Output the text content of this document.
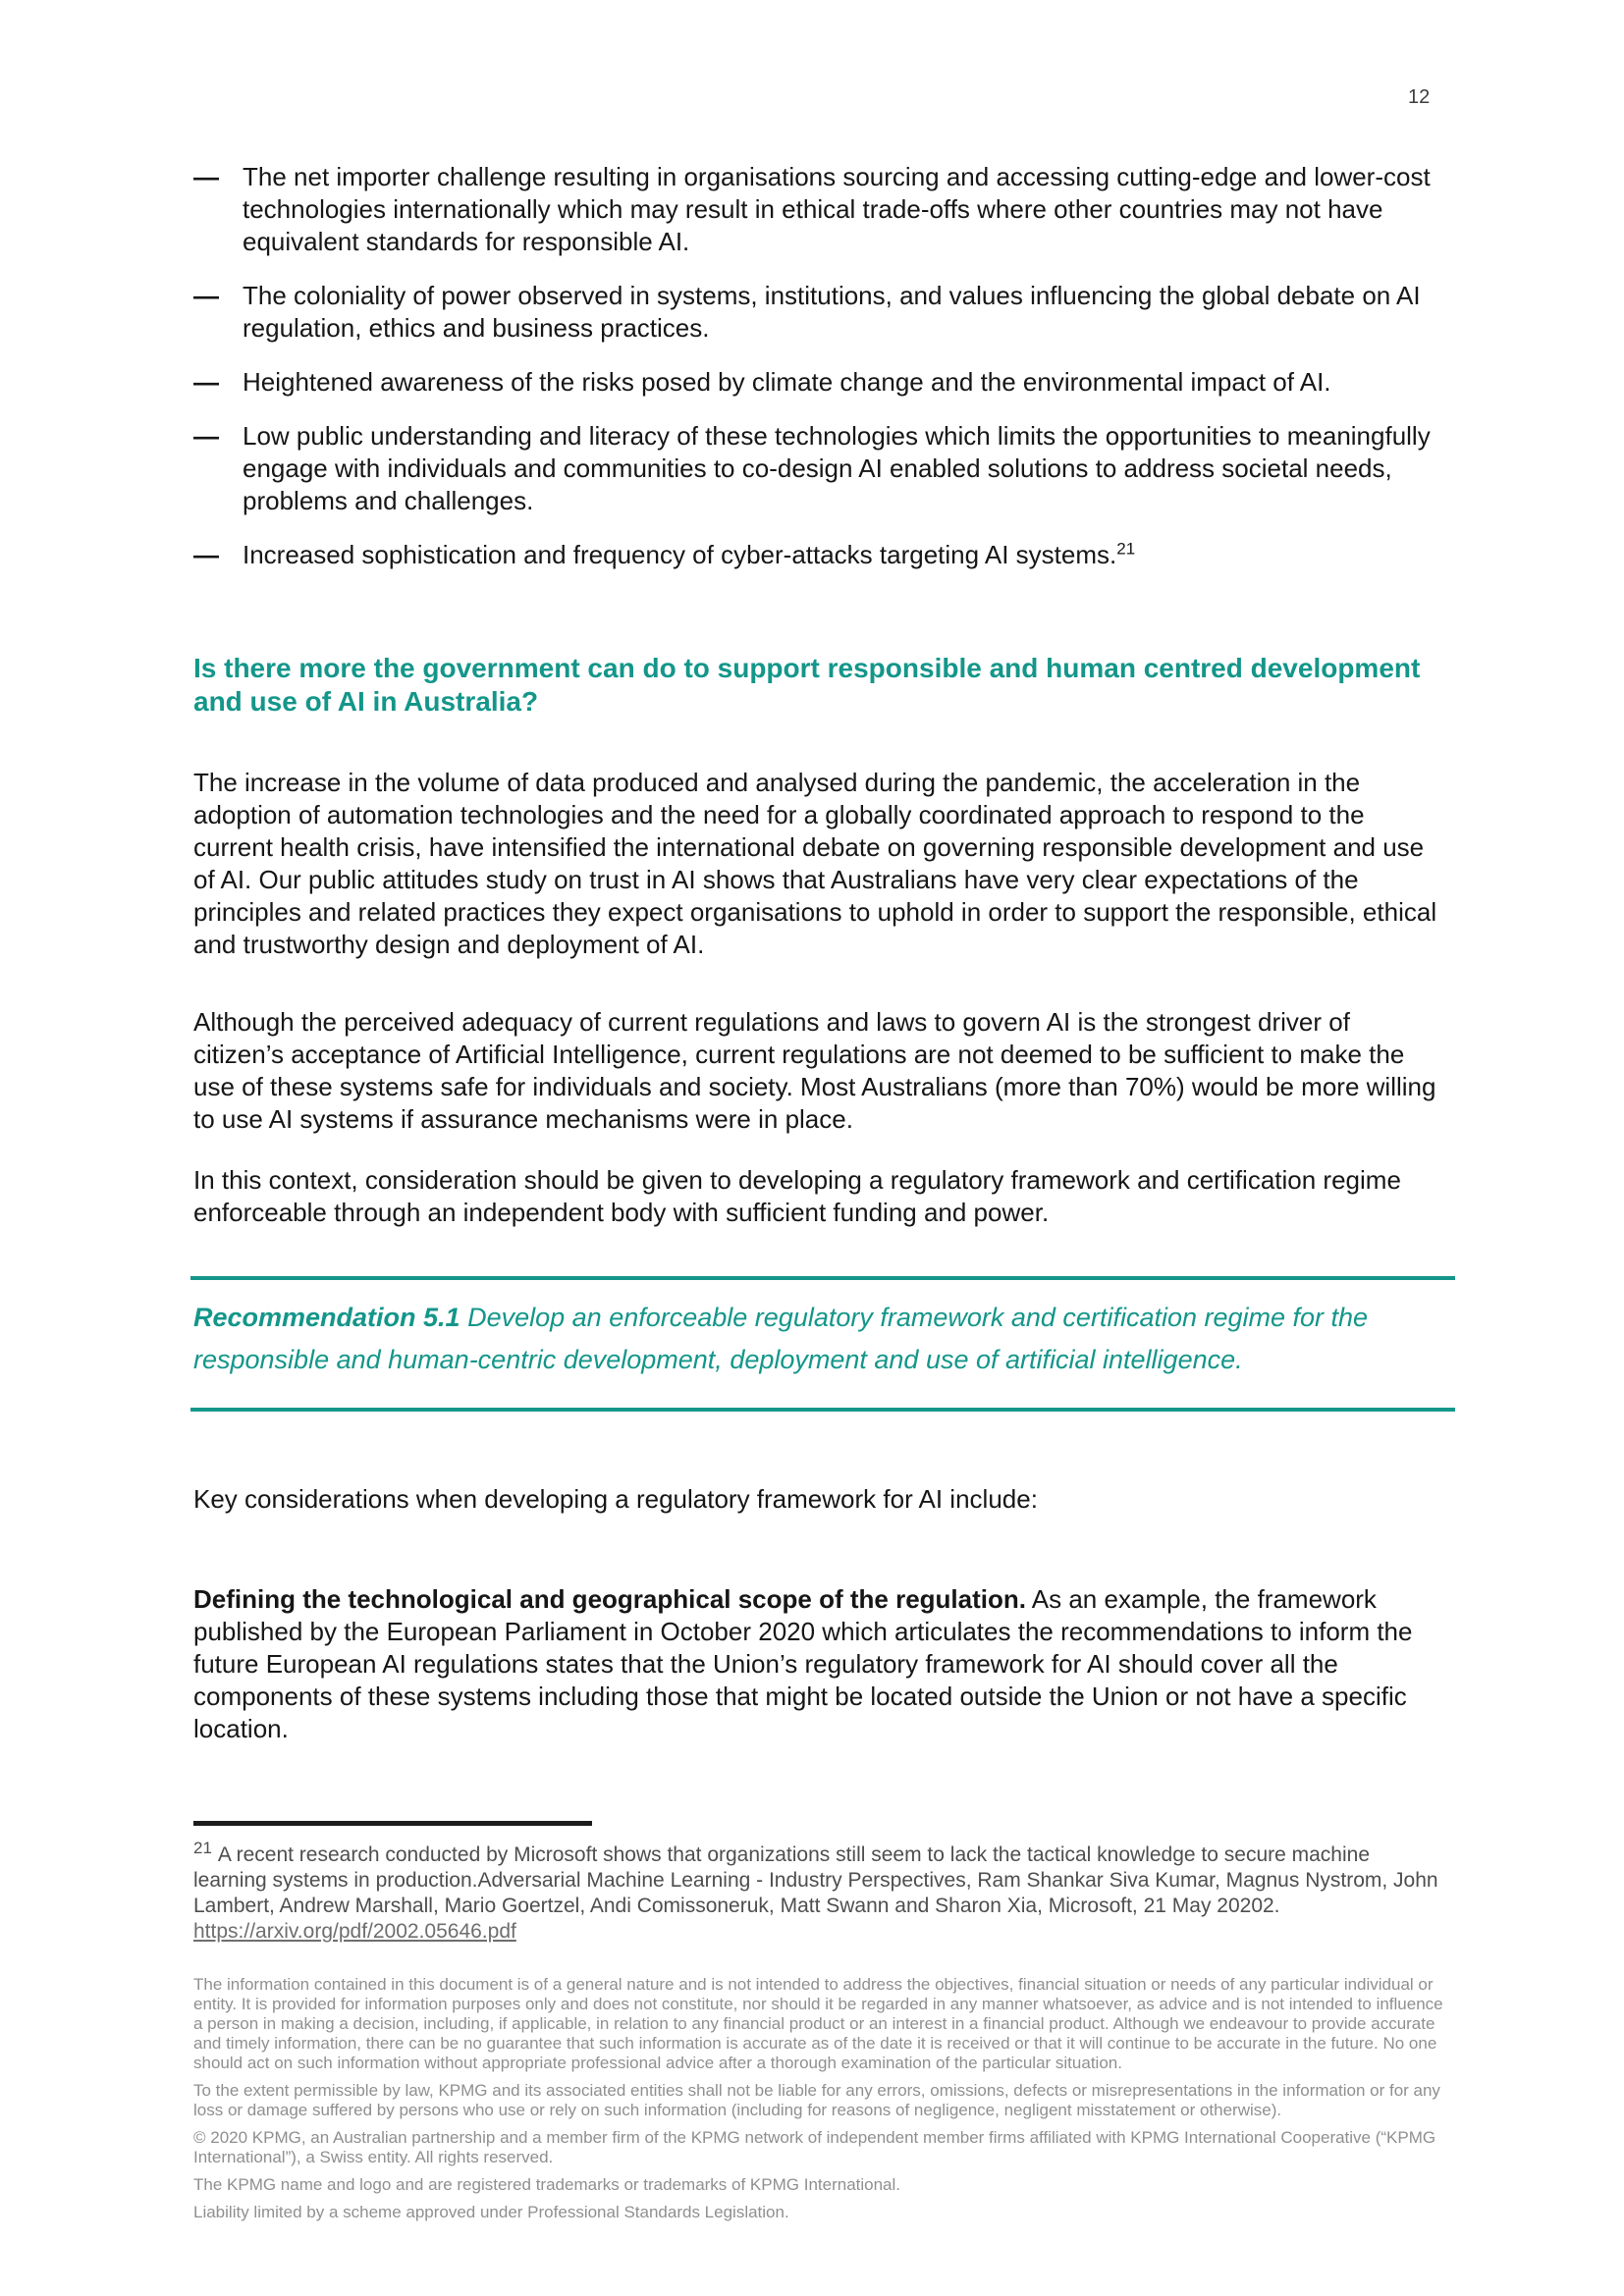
12
— The net importer challenge resulting in organisations sourcing and accessing cutting-edge and lower-cost technologies internationally which may result in ethical trade-offs where other countries may not have equivalent standards for responsible AI.
— The coloniality of power observed in systems, institutions, and values influencing the global debate on AI regulation, ethics and business practices.
— Heightened awareness of the risks posed by climate change and the environmental impact of AI.
— Low public understanding and literacy of these technologies which limits the opportunities to meaningfully engage with individuals and communities to co-design AI enabled solutions to address societal needs, problems and challenges.
— Increased sophistication and frequency of cyber-attacks targeting AI systems.$^{21}$
Is there more the government can do to support responsible and human centred development and use of AI in Australia?

The increase in the volume of data produced and analysed during the pandemic, the acceleration in the adoption of automation technologies and the need for a globally coordinated approach to respond to the current health crisis, have intensified the international debate on governing responsible development and use of AI. Our public attitudes study on trust in AI shows that Australians have very clear expectations of the principles and related practices they expect organisations to uphold in order to support the responsible, ethical and trustworthy design and deployment of AI.

Although the perceived adequacy of current regulations and laws to govern AI is the strongest driver of citizen’s acceptance of Artificial Intelligence, current regulations are not deemed to be sufficient to make the use of these systems safe for individuals and society. Most Australians (more than 70%) would be more willing to use AI systems if assurance mechanisms were in place.

In this context, consideration should be given to developing a regulatory framework and certification regime enforceable through an independent body with sufficient funding and power.

Recommendation 5.1 Develop an enforceable regulatory framework and certification regime for the responsible and human-centric development, deployment and use of artificial intelligence.

Key considerations when developing a regulatory framework for AI include:

Defining the technological and geographical scope of the regulation. As an example, the framework published by the European Parliament in October 2020 which articulates the recommendations to inform the future European AI regulations states that the Union’s regulatory framework for AI should cover all the components of these systems including those that might be located outside the Union or not have a specific location.

$^{21}$ A recent research conducted by Microsoft shows that organizations still seem to lack the tactical knowledge to secure machine learning systems in production.Adversarial Machine Learning - Industry Perspectives, Ram Shankar Siva Kumar, Magnus Nystrom, John Lambert, Andrew Marshall, Mario Goertzel, Andi Comissoneruk, Matt Swann and Sharon Xia, Microsoft, 21 May 20202. https://arxiv.org/pdf/2002.05646.pdf

The information contained in this document is of a general nature and is not intended to address the objectives, financial situation or needs of any particular individual or entity. It is provided for information purposes only and does not constitute, nor should it be regarded in any manner whatsoever, as advice and is not intended to influence a person in making a decision, including, if applicable, in relation to any financial product or an interest in a financial product. Although we endeavour to provide accurate and timely information, there can be no guarantee that such information is accurate as of the date it is received or that it will continue to be accurate in the future. No one should act on such information without appropriate professional advice after a thorough examination of the particular situation.

To the extent permissible by law, KPMG and its associated entities shall not be liable for any errors, omissions, defects or misrepresentations in the information or for any loss or damage suffered by persons who use or rely on such information (including for reasons of negligence, negligent misstatement or otherwise).

© 2020 KPMG, an Australian partnership and a member firm of the KPMG network of independent member firms affiliated with KPMG International Cooperative (“KPMG International”), a Swiss entity. All rights reserved.

The KPMG name and logo and are registered trademarks or trademarks of KPMG International.

Liability limited by a scheme approved under Professional Standards Legislation.
